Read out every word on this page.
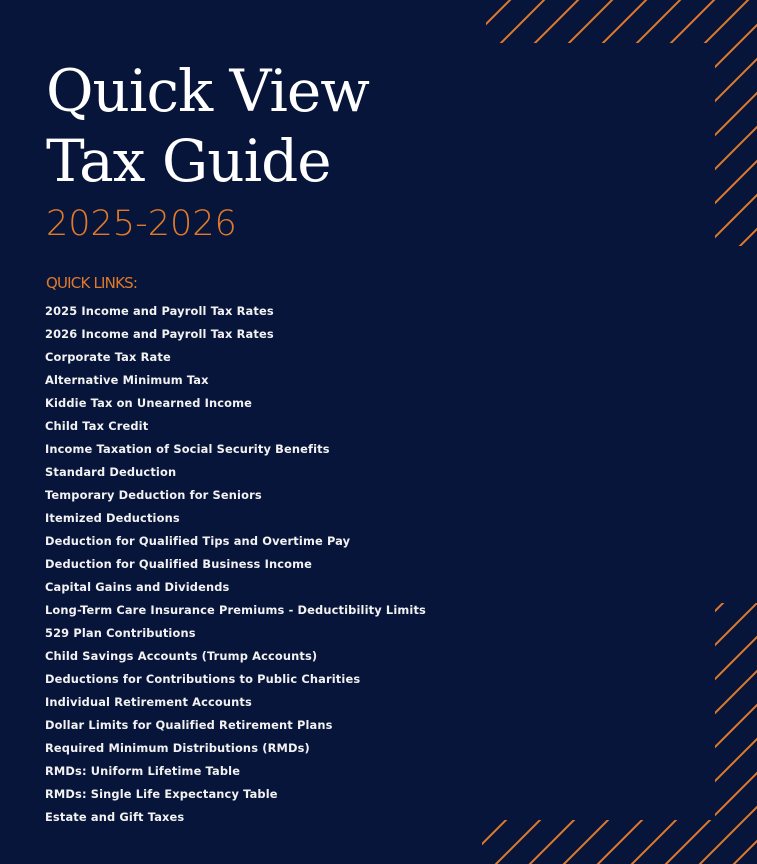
Quick View
Tax Guide
2025-2026
QUICK LINKS:
2025 Income and Payroll Tax Rates
2026 Income and Payroll Tax Rates
Corporate Tax Rate
Alternative Minimum Tax
Kiddie Tax on Unearned Income
Child Tax Credit
Income Taxation of Social Security Benefits
Standard Deduction
Temporary Deduction for Seniors
Itemized Deductions
Deduction for Qualified Tips and Overtime Pay
Deduction for Qualified Business Income
Capital Gains and Dividends
Long-Term Care Insurance Premiums - Deductibility Limits
529 Plan Contributions
Child Savings Accounts (Trump Accounts)
Deductions for Contributions to Public Charities
Individual Retirement Accounts
Dollar Limits for Qualified Retirement Plans
Required Minimum Distributions (RMDs)
RMDs: Uniform Lifetime Table
RMDs: Single Life Expectancy Table
Estate and Gift Taxes
